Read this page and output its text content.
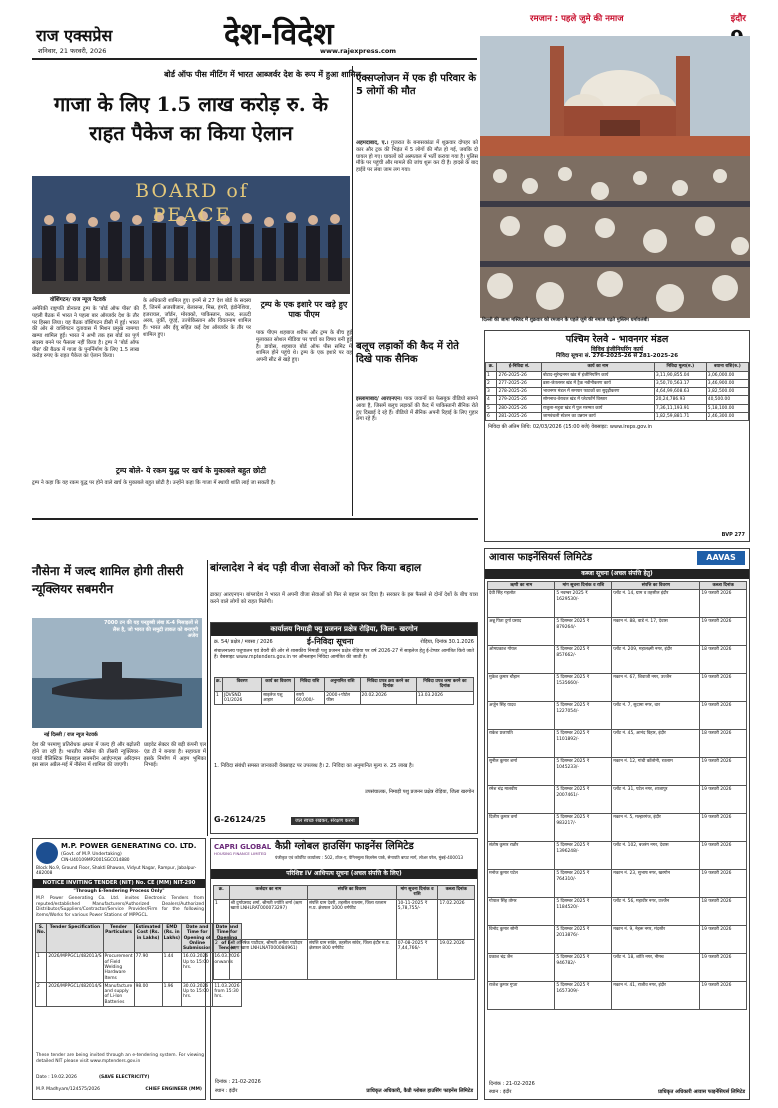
राज एक्सप्रेस
शनिवार, 21 फरवरी, 2026	देश-विदेश
www.rajexpress.com
रमजान : पहले जुमे की नमाज	इंदौर
दिल्ली की जामा मस्जिद में शुक्रवार को रमजान के पहले जुमे की नमाज पढ़ते मुस्लिम धर्मावलंबी।
बोर्ड ऑफ पीस मीटिंग में भारत आब्जर्वर देश के रूप में हुआ शामिल
गाजा के लिए 1.5 लाख करोड़ रु. के राहत पैकेज का किया ऐलान
BOARD of PEACE
वॉशिंगटन/ राज न्यूज नेटवर्क
अमेरिकी राष्ट्रपति डोनाल्ड ट्रम्प के 'बोर्ड ऑफ पीस' की पहली बैठक में भारत ने पहला बार ऑब्जर्वर देश के तौर पर हिस्सा लिया। यह बैठक वॉशिंगटन डीसी में हुई। भारत की ओर से वाशिंगटन दूतावास में मिशन प्रमुख नामग्या खम्पा शामिल हुईं। भारत ने अभी तक इस बोर्ड का पूर्ण सदस्य बनने पर फैसला नहीं किया है। ट्रम्प ने 'बोर्ड ऑफ पीस' की बैठक में गाजा के पुनर्निर्माण के लिए 1.5 लाख करोड़ रुपए के राहत पैकेज का ऐलान किया।
के अधिकारी शामिल हुए। इनमें से 27 देश बोर्ड के सदस्य हैं, जिनमें अजरबैजान, बेलारूस, मिस्र, हंगरी, इंडोनेशिया, इजरायल, जॉर्डन, मोरक्को, पाकिस्तान, कतर, सऊदी अरब, तुर्की, यूएई, उज्बेकिस्तान और वियतनाम शामिल हैं। भारत और ईयू सहित कई देश ऑब्जर्वर के तौर पर शामिल हुए।
ट्रम्प बोले- ये रकम युद्ध पर खर्च के मुकाबले बहुत छोटी
ट्रम्प ने कहा कि यह रकम युद्ध पर होने वाले खर्च के मुकाबले बहुत छोटी है। उन्होंने कहा कि गाजा में स्थायी शांति लाई जा सकती है।
ट्रम्प के एक इशारे पर खड़े हुए पाक पीएम
पाक पीएम शहबाज शरीफ और ट्रम्प के बीच हुई मुलाकात सोशल मीडिया पर चर्चा का विषय बनी हुई है। डावोस, शहबाज बोर्ड ऑफ पीस समिट में शामिल होने पहुंचे थे। ट्रम्प के एक इशारे पर वह अपनी सीट से खड़े हुए।
एक्सप्लोजन में एक ही परिवार के 5 लोगों की मौत
अहमदाबाद, ए.। गुजरात के बनासकांठा में शुक्रवार दोपहर को कार और ट्रक की भिड़ंत में 5 लोगों की मौत हो गई, जबकि दो घायल हो गए। घायलों को अस्पताल में भर्ती कराया गया है। पुलिस मौके पर पहुंची और मामले की जांच शुरू कर दी है। हादसे के बाद हाईवे पर लंबा जाम लग गया।
बलूच लड़ाकों की कैद में रोते दिखे पाक सैनिक
इस्लामाबाद/ आरएनएन। पाक जवानों का फेसबुक वीडियो सामने आया है, जिसमें बलूच लड़ाकों की कैद में पाकिस्तानी सैनिक रोते हुए दिखाई दे रहे हैं। वीडियो में सैनिक अपनी रिहाई के लिए गुहार लगा रहे हैं।
पश्चिम रेलवे - भावनगर मंडल
विविध इंजीनियरिंग कार्य
निविदा सूचना सं. 276-2025-26 से 281-2025-26
क्र.	ई-निविदा सं.	कार्य का नाम	निविदा मूल्य(रु.)	बयाना राशि(रु.)
1	276-2025-26	बोटाद-सुरेन्द्रनगर खंड में इंजीनियरिंग कार्य	3,11,90,855.04	3,06,000.00
2	277-2025-26	ढसा-जेतलसर खंड में ट्रैक नवीनीकरण कार्य	3,50,70,563.17	3,46,900.00
3	278-2025-26	भावनगर मंडल में समपार फाटकों का सुदृढ़ीकरण	4,64,99,608.63	3,82,500.00
4	279-2025-26	सोमनाथ-वेरावल खंड में प्लेटफॉर्म विस्तार	20,24,786.93	40,500.00
5	280-2025-26	राजुला-महुवा खंड में पुल मरम्मत कार्य	7,36,11,193.91	5,18,100.00
6	281-2025-26	जामवंथली स्टेशन का उन्नयन कार्य	1,82,59,881.71	2,46,300.00
निविदा की अंतिम तिथि: 02/03/2026 (15:00 बजे) वेबसाइट: www.ireps.gov.in
BVP 277
आवास फाइनेंसियर्स लिमिटेड	AAVAS
कब्जा सूचना (अचल संपत्ति हेतु)
ऋणी का नाम	मांग सूचना दिनांक व राशि	संपत्ति का विवरण	कब्जा दिनांक
देवी सिंह गहलोत	5 नवम्बर 2025 ₹ 1629530/-	प्लॉट नं. 14, ग्राम व तहसील इंदौर	19 फरवरी 2026
अन्नू पिता दुर्गा प्रसाद	5 दिसम्बर 2025 ₹ 879264/-	मकान नं. 88, वार्ड नं. 17, देवास	19 फरवरी 2026
ओमप्रकाश गोयल	5 दिसम्बर 2025 ₹ 857662/-	प्लॉट नं. 209, महालक्ष्मी नगर, इंदौर	18 फरवरी 2026
मुकेश कुमार चौहान	5 दिसम्बर 2025 ₹ 1535660/-	मकान नं. 67, शिवाजी नगर, उज्जैन	19 फरवरी 2026
अर्जुन सिंह यादव	5 दिसम्बर 2025 ₹ 1227054/-	प्लॉट नं. 7, सुदामा नगर, धार	19 फरवरी 2026
राकेश प्रजापति	5 दिसम्बर 2025 ₹ 1101892/-	प्लॉट नं. 45, आनंद विहार, इंदौर	18 फरवरी 2026
सुनील कुमार शर्मा	5 दिसम्बर 2025 ₹ 1045233/-	मकान नं. 12, गांधी कॉलोनी, रतलाम	19 फरवरी 2026
रमेश चंद्र मालवीय	5 दिसम्बर 2025 ₹ 2007461/-	प्लॉट नं. 31, पटेल नगर, शाजापुर	19 फरवरी 2026
दिलीप कुमार वर्मा	5 दिसम्बर 2025 ₹ 983217/-	मकान नं. 5, मल्हारगंज, इंदौर	19 फरवरी 2026
संतोष कुमार राठौर	5 दिसम्बर 2025 ₹ 1396248/-	प्लॉट नं. 102, बजरंग नगर, देवास	19 फरवरी 2026
मनोज कुमार पटेल	5 दिसम्बर 2025 ₹ 764310/-	मकान नं. 23, सुभाष नगर, खरगोन	19 फरवरी 2026
गोपाल सिंह तोमर	5 दिसम्बर 2025 ₹ 1184520/-	प्लॉट नं. 56, महावीर नगर, उज्जैन	18 फरवरी 2026
विनोद कुमार सोनी	5 दिसम्बर 2025 ₹ 2013876/-	मकान नं. 9, नेहरू नगर, मंदसौर	19 फरवरी 2026
प्रकाश चंद्र जैन	5 दिसम्बर 2025 ₹ 946782/-	प्लॉट नं. 18, शांति नगर, नीमच	19 फरवरी 2026
राजेश कुमार गुप्ता	5 दिसम्बर 2025 ₹ 1657309/-	मकान नं. 41, राजीव नगर, इंदौर	19 फरवरी 2026
दिनांक : 21-02-2026
स्थान : इंदौर	प्राधिकृत अधिकारी आवास फाइनेंसियर्स लिमिटेड
नौसेना में जल्द शामिल होगी तीसरी न्यूक्लियर सबमरीन
7000 टन की यह पनडुब्बी लंबा K-4 मिसाइलों से लैस है, जो भारत की समुद्री ताकत को बनाएगी अजेय
नई दिल्ली / राज न्यूज नेटवर्क
देश की परमाणु प्रतिरोधक क्षमता में जल्द ही और बढ़ोतरी होने जा रही है। भारतीय नौसेना की तीसरी न्यूक्लियर-पावर्ड बैलिस्टिक मिसाइल सबमरीन आईएनएस अरिदमन इस साल अप्रैल-मई में नौसेना में शामिल की जाएगी।
प्राइवेट सेक्टर की बड़ी कंपनी एल एंड टी ने बनाया है। सहायता में इसके निर्माण में अहम भूमिका निभाई।
बांग्लादेश ने बंद पड़ी वीजा सेवाओं को फिर किया बहाल
ढाका/ आरएनएन। बांग्लादेश ने भारत में अपनी वीजा सेवाओं को फिर से बहाल कर दिया है। सरकार के इस फैसले से दोनों देशों के बीच यात्रा करने वाले लोगों को राहत मिलेगी।
कार्यालय निमाड़ी फ्यु प्रजनन प्रक्षेत्र रोड़िया, जिला- खरगोन
क्र. 54/ प्रक्षेत्र / मवसा / 2026	ई-निविदा सूचना	रोड़िया, दिनांक 30.1.2026
संचालनालय पशुपालन एवं डेयरी की ओर से शासकीय निमाड़ी पशु प्रजनन प्रक्षेत्र रोड़िया पर वर्ष 2026-27 में साइलेज हेतु ई-टेण्डर आमंत्रित किये जाते हैं। वेबसाइट www.mptenders.gov.in पर ऑनलाइन निविदा आमंत्रित की जाती है।
क्र.	विवरण	कार्य का विवरण	निविदा राशि	अनुमानित राशि	निविदा प्रपत्र क्रय करने का दिनांक	निविदा प्रपत्र जमा करने का दिनांक
1	JDVSND 01/2026	साइलेज पशु आहार	रुपये 60,000/-	2000+पोर्टल फीस	20.02.2026	13.03.2026
1. निविदा संबंधी समस्त जानकारी वेबसाइट पर उपलब्ध है। 2. निविदा का अनुमानित मूल्य रु. 25 लाख है।
उपसंचालक, निमाड़ी पशु प्रजनन प्रक्षेत्र रोड़िया, जिला खरगोन
G-26124/25	जल स्वच्छ रखकर, संरक्षण करना
M.P. POWER GENERATING CO. LTD.
(Govt. of M.P. Undertaking)
CIN-U40109MP2001SGC014880
Block No.9, Ground Floor, Shakti Bhawan, Vidyut Nagar, Rampur, Jabalpur-482008
NOTICE INVITING TENDER (NIT) No. CE (MM) NIT-290
"Through E-Tendering Process Only"
M.P. Power Generating Co. Ltd. invites Electronic Tenders from reputed/established Manufacturers/Authorized Dealers/Authorized Distributor/Suppliers/Contractor/Service Provider/Firm for the following items/Works for various Power Stations of MPPGCL.
S. No.	Tender Specification	Tender Particulars	Estimated Cost (Rs. in Lakhs)	EMD (Rs. in Lakhs)	Date and Time for Opening of Online Submission	Date and Time for Opening of E-Tender
1	2026/MPPGCL/482013/S	Procurement of Field Welding Hardware Items	77.90	1.44	16.03.2026 Up to 15:00 hrs.	16.03.2026 onwards
2	2026/MPPGCL/482014/S	Manufacture and supply of Li-Ion Batteries	98.00	1.96	30.03.2026 Up to 15:00 hrs.	11.03.2026 from 15:30 hrs.
These tender are being invited through an e-tendering system. For viewing detailed NIT please visit www.mptenders.gov.in
Date : 19.02.2026	(SAVE ELECTRICITY)
M.P. Madhyam/124575/2026	CHIEF ENGINEER (MM)
CAPRI GLOBAL
HOUSING FINANCE LIMITED
कैप्री ग्लोबल हाउसिंग फाइनेंस लिमिटेड
पंजीकृत एवं कॉर्पोरेट कार्यालय : 502, टॉवर-ए, पेनिनसुला बिज़नेस पार्क, सेनापति बापट मार्ग, लोअर परेल, मुंबई-400013
परिशिष्ट IV आधिपत्य सूचना (अचल संपत्ति के लिए)
क्र.	कर्जदार का नाम	संपत्ति का विवरण	मांग सूचना दिनांक व राशि	कब्जा दिनांक
1	श्री दुर्गाप्रसाद शर्मा, श्रीमती ज्योति शर्मा (ऋण खाता LNHLRAT000073297)	संपत्ति ग्राम देवरी, तहसील रतलाम, जिला रतलाम म.प्र. क्षेत्रफल 1000 वर्गफीट	10-11-2025 ₹ 5,78,755/-	17.02.2026
2	श्री अभिषेक पाटीदार, श्रीमती अनीता पाटीदार (ऋण खाता LNHLNAT000084961)	संपत्ति ग्राम सांवेर, तहसील सांवेर, जिला इंदौर म.प्र. क्षेत्रफल 800 वर्गफीट	07-08-2025 ₹ 7,44,766/-	19.02.2026
दिनांक : 21-02-2026
स्थान : इंदौर	प्राधिकृत अधिकारी, कैप्री ग्लोबल हाउसिंग फाइनेंस लिमिटेड
